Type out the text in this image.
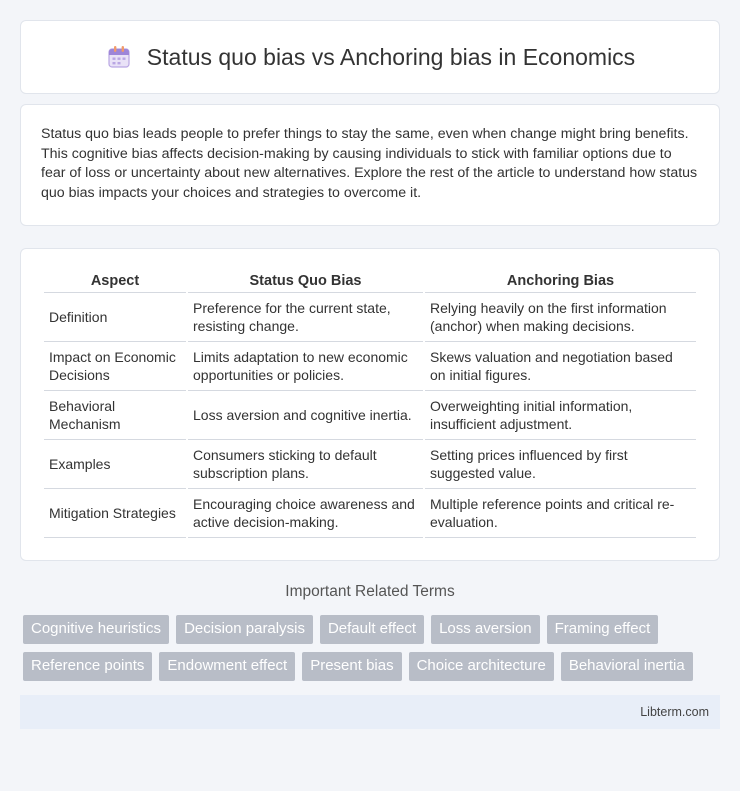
Status quo bias vs Anchoring bias in Economics

Status quo bias leads people to prefer things to stay the same, even when change might bring benefits. This cognitive bias affects decision-making by causing individuals to stick with familiar options due to fear of loss or uncertainty about new alternatives. Explore the rest of the article to understand how status quo bias impacts your choices and strategies to overcome it.

Aspect	Status Quo Bias	Anchoring Bias
Definition	Preference for the current state, resisting change.	Relying heavily on the first information (anchor) when making decisions.
Impact on Economic Decisions	Limits adaptation to new economic opportunities or policies.	Skews valuation and negotiation based on initial figures.
Behavioral Mechanism	Loss aversion and cognitive inertia.	Overweighting initial information, insufficient adjustment.
Examples	Consumers sticking to default subscription plans.	Setting prices influenced by first suggested value.
Mitigation Strategies	Encouraging choice awareness and active decision-making.	Multiple reference points and critical re-evaluation.
Important Related Terms
Cognitive heuristics	Decision paralysis	Default effect	Loss aversion	Framing effect
Reference points	Endowment effect	Present bias	Choice architecture	Behavioral inertia
Libterm.com
